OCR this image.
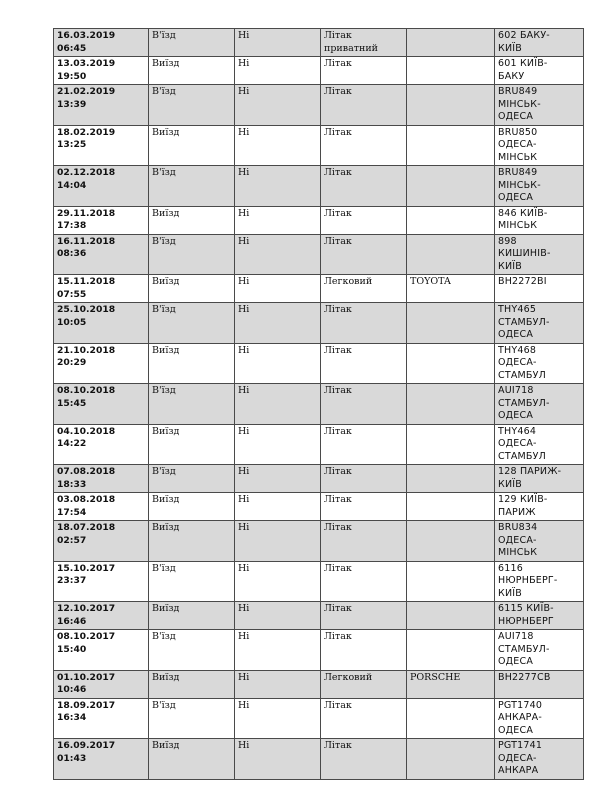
16.03.2019 06:45	В'їзд	Ні	Літак
приватний		602 БАКУ-
КИЇВ

13.03.2019 19:50	Виїзд	Ні	Літак		601 КИЇВ-
БАКУ

21.02.2019 13:39	В'їзд	Ні	Літак		BRU849
МІНСЬК-
ОДЕСА

18.02.2019 13:25	Виїзд	Ні	Літак		BRU850
ОДЕСА-
МІНСЬК

02.12.2018 14:04	В'їзд	Ні	Літак		BRU849
МІНСЬК-
ОДЕСА

29.11.2018 17:38	Виїзд	Ні	Літак		846 КИЇВ-
МІНСЬК

16.11.2018 08:36	В'їзд	Ні	Літак		898
КИШИНІВ-
КИЇВ

15.11.2018 07:55	Виїзд	Ні	Легковий	TOYOTA	ВН2272ВІ

25.10.2018 10:05	В'їзд	Ні	Літак		THY465
СТАМБУЛ-
ОДЕСА

21.10.2018 20:29	Виїзд	Ні	Літак		THY468
ОДЕСА-
СТАМБУЛ

08.10.2018 15:45	В'їзд	Ні	Літак		AUI718
СТАМБУЛ-
ОДЕСА

04.10.2018 14:22	Виїзд	Ні	Літак		THY464
ОДЕСА-
СТАМБУЛ

07.08.2018 18:33	В'їзд	Ні	Літак		128 ПАРИЖ-
КИЇВ

03.08.2018 17:54	Виїзд	Ні	Літак		129 КИЇВ-
ПАРИЖ

18.07.2018 02:57	Виїзд	Ні	Літак		BRU834
ОДЕСА-
МІНСЬК

15.10.2017 23:37	В'їзд	Ні	Літак		6116
НЮРНБЕРГ-
КИЇВ

12.10.2017 16:46	Виїзд	Ні	Літак		6115 КИЇВ-
НЮРНБЕРГ

08.10.2017 15:40	В'їзд	Ні	Літак		AUI718
СТАМБУЛ-
ОДЕСА

01.10.2017 10:46	Виїзд	Ні	Легковий	PORSCHE	ВН2277СВ

18.09.2017 16:34	В'їзд	Ні	Літак		PGT1740
АНКАРА-
ОДЕСА

16.09.2017 01:43	Виїзд	Ні	Літак		PGT1741
ОДЕСА-
АНКАРА
